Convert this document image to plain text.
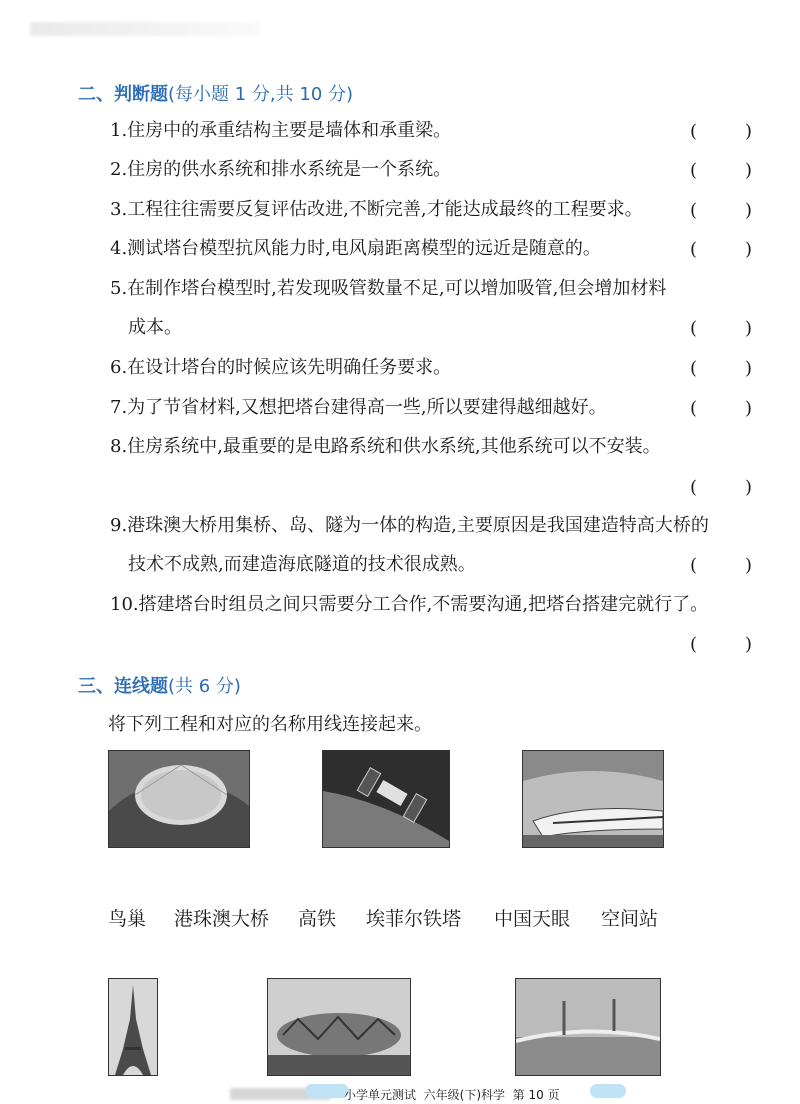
二、判断题(每小题 1 分,共 10 分)
1.住房中的承重结构主要是墙体和承重梁。	(	)
2.住房的供水系统和排水系统是一个系统。	(	)
3.工程往往需要反复评估改进,不断完善,才能达成最终的工程要求。	(	)
4.测试塔台模型抗风能力时,电风扇距离模型的远近是随意的。	(	)
5.在制作塔台模型时,若发现吸管数量不足,可以增加吸管,但会增加材料
成本。	(	)
6.在设计塔台的时候应该先明确任务要求。	(	)
7.为了节省材料,又想把塔台建得高一些,所以要建得越细越好。	(	)
8.住房系统中,最重要的是电路系统和供水系统,其他系统可以不安装。
(	)
9.港珠澳大桥用集桥、岛、隧为一体的构造,主要原因是我国建造特高大桥的
技术不成熟,而建造海底隧道的技术很成熟。	(	)
10.搭建塔台时组员之间只需要分工合作,不需要沟通,把塔台搭建完就行了。
(	)
三、连线题(共 6 分)
将下列工程和对应的名称用线连接起来。
鸟巢 港珠澳大桥 高铁 埃菲尔铁塔 中国天眼 空间站
小学单元测试 六年级(下)科学 第 10 页
